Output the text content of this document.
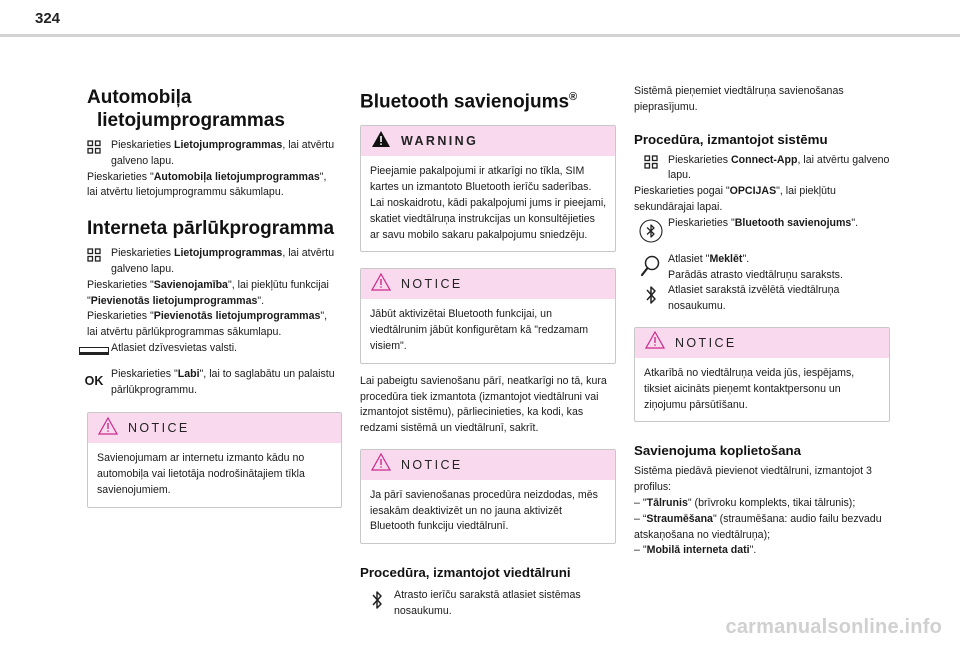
324
Automobiļa
lietojumprogrammas

Pieskarieties Lietojumprogrammas, lai atvērtu galveno lapu.

Pieskarieties "Automobiļa lietojumprogrammas", lai atvērtu lietojumprogrammu sākumlapu.

Interneta pārlūkprogramma

Pieskarieties Lietojumprogrammas, lai atvērtu galveno lapu.

Pieskarieties "Savienojamība", lai piekļūtu funkcijai "Pievienotās lietojumprogrammas".

Pieskarieties "Pievienotās lietojumprogrammas", lai atvērtu pārlūkprogrammas sākumlapu.

Atlasiet dzīvesvietas valsti.

OK Pieskarieties "Labi", lai to saglabātu un palaistu pārlūkprogrammu.

NOTICE

Savienojumam ar internetu izmanto kādu no automobiļa vai lietotāja nodrošinātajiem tīkla savienojumiem.

Bluetooth savienojums®
WARNING

Pieejamie pakalpojumi ir atkarīgi no tīkla, SIM kartes un izmantoto Bluetooth ierīču saderības. Lai noskaidrotu, kādi pakalpojumi jums ir pieejami, skatiet viedtālruņa instrukcijas un konsultējieties ar savu mobilo sakaru pakalpojumu sniedzēju.

NOTICE

Jābūt aktivizētai Bluetooth funkcijai, un viedtālrunim jābūt konfigurētam kā "redzamam visiem".

Lai pabeigtu savienošanu pārī, neatkarīgi no tā, kura procedūra tiek izmantota (izmantojot viedtālruni vai izmantojot sistēmu), pārliecinieties, ka kodi, kas redzami sistēmā un viedtālrunī, sakrīt.

NOTICE

Ja pārī savienošanas procedūra neizdodas, mēs iesakām deaktivizēt un no jauna aktivizēt Bluetooth funkciju viedtālrunī.

Procedūra, izmantojot viedtālruni

Atrasto ierīču sarakstā atlasiet sistēmas nosaukumu.

Sistēmā pieņemiet viedtālruņa savienošanas pieprasījumu.

Procedūra, izmantojot sistēmu

Pieskarieties Connect-App, lai atvērtu galveno lapu.

Pieskarieties pogai "OPCIJAS", lai piekļūtu sekundārajai lapai.

Pieskarieties "Bluetooth savienojums".

Atlasiet "Meklēt".
Parādās atrasto viedtālruņu saraksts.

Atlasiet sarakstā izvēlētā viedtālruņa nosaukumu.

NOTICE

Atkarībā no viedtālruņa veida jūs, iespējams, tiksiet aicināts pieņemt kontaktpersonu un ziņojumu pārsūtīšanu.

Savienojuma koplietošana

Sistēma piedāvā pievienot viedtālruni, izmantojot 3 profilus:

– "Tālrunis" (brīvroku komplekts, tikai tālrunis);

– “Straumēšana" (straumēšana: audio failu bezvadu atskaņošana no viedtālruņa);

– "Mobilā interneta dati".

carmanualsonline.info
